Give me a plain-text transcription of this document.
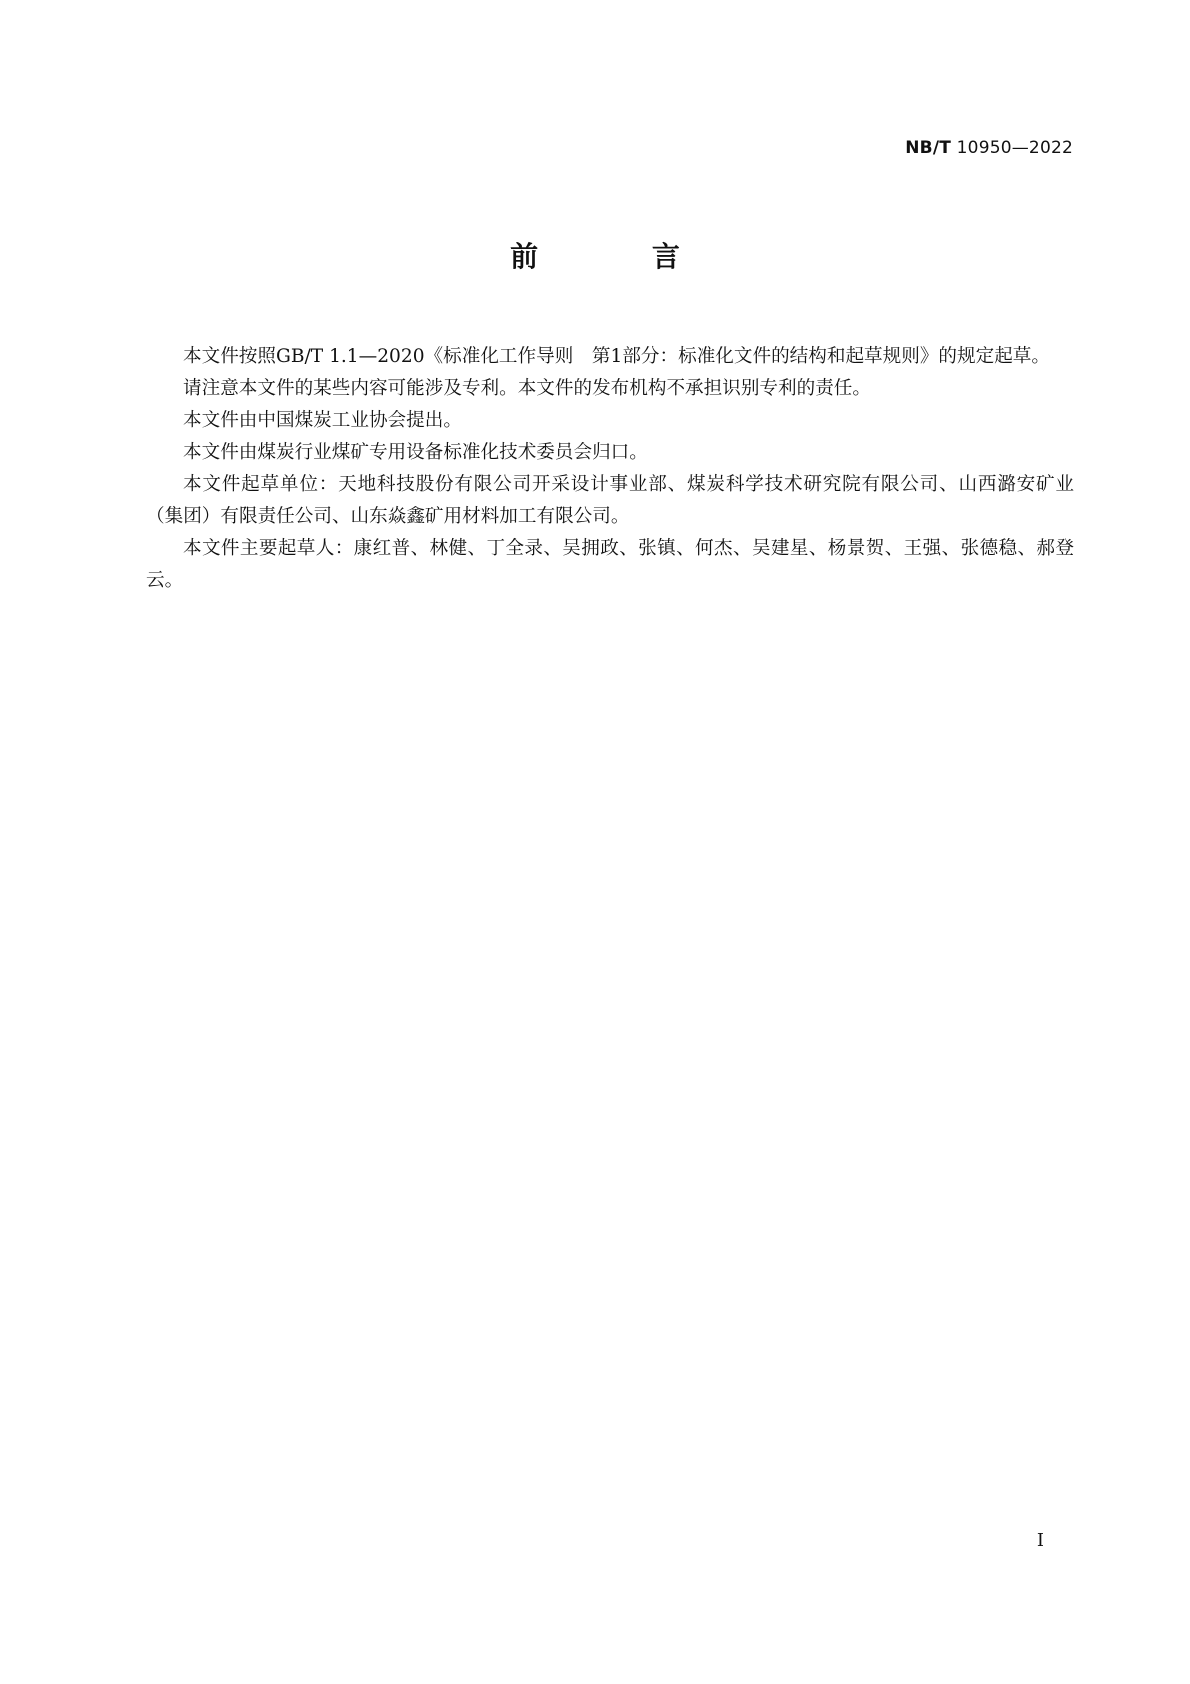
NB/T 10950—2022
前 言

本文件按照GB/T 1.1—2020《标准化工作导则　第1部分：标准化文件的结构和起草规则》的规定起草。

请注意本文件的某些内容可能涉及专利。本文件的发布机构不承担识别专利的责任。

本文件由中国煤炭工业协会提出。

本文件由煤炭行业煤矿专用设备标准化技术委员会归口。

本文件起草单位：天地科技股份有限公司开采设计事业部、煤炭科学技术研究院有限公司、山西潞安矿业（集团）有限责任公司、山东焱鑫矿用材料加工有限公司。

本文件主要起草人：康红普、林健、丁全录、吴拥政、张镇、何杰、吴建星、杨景贺、王强、张德稳、郝登云。

I
